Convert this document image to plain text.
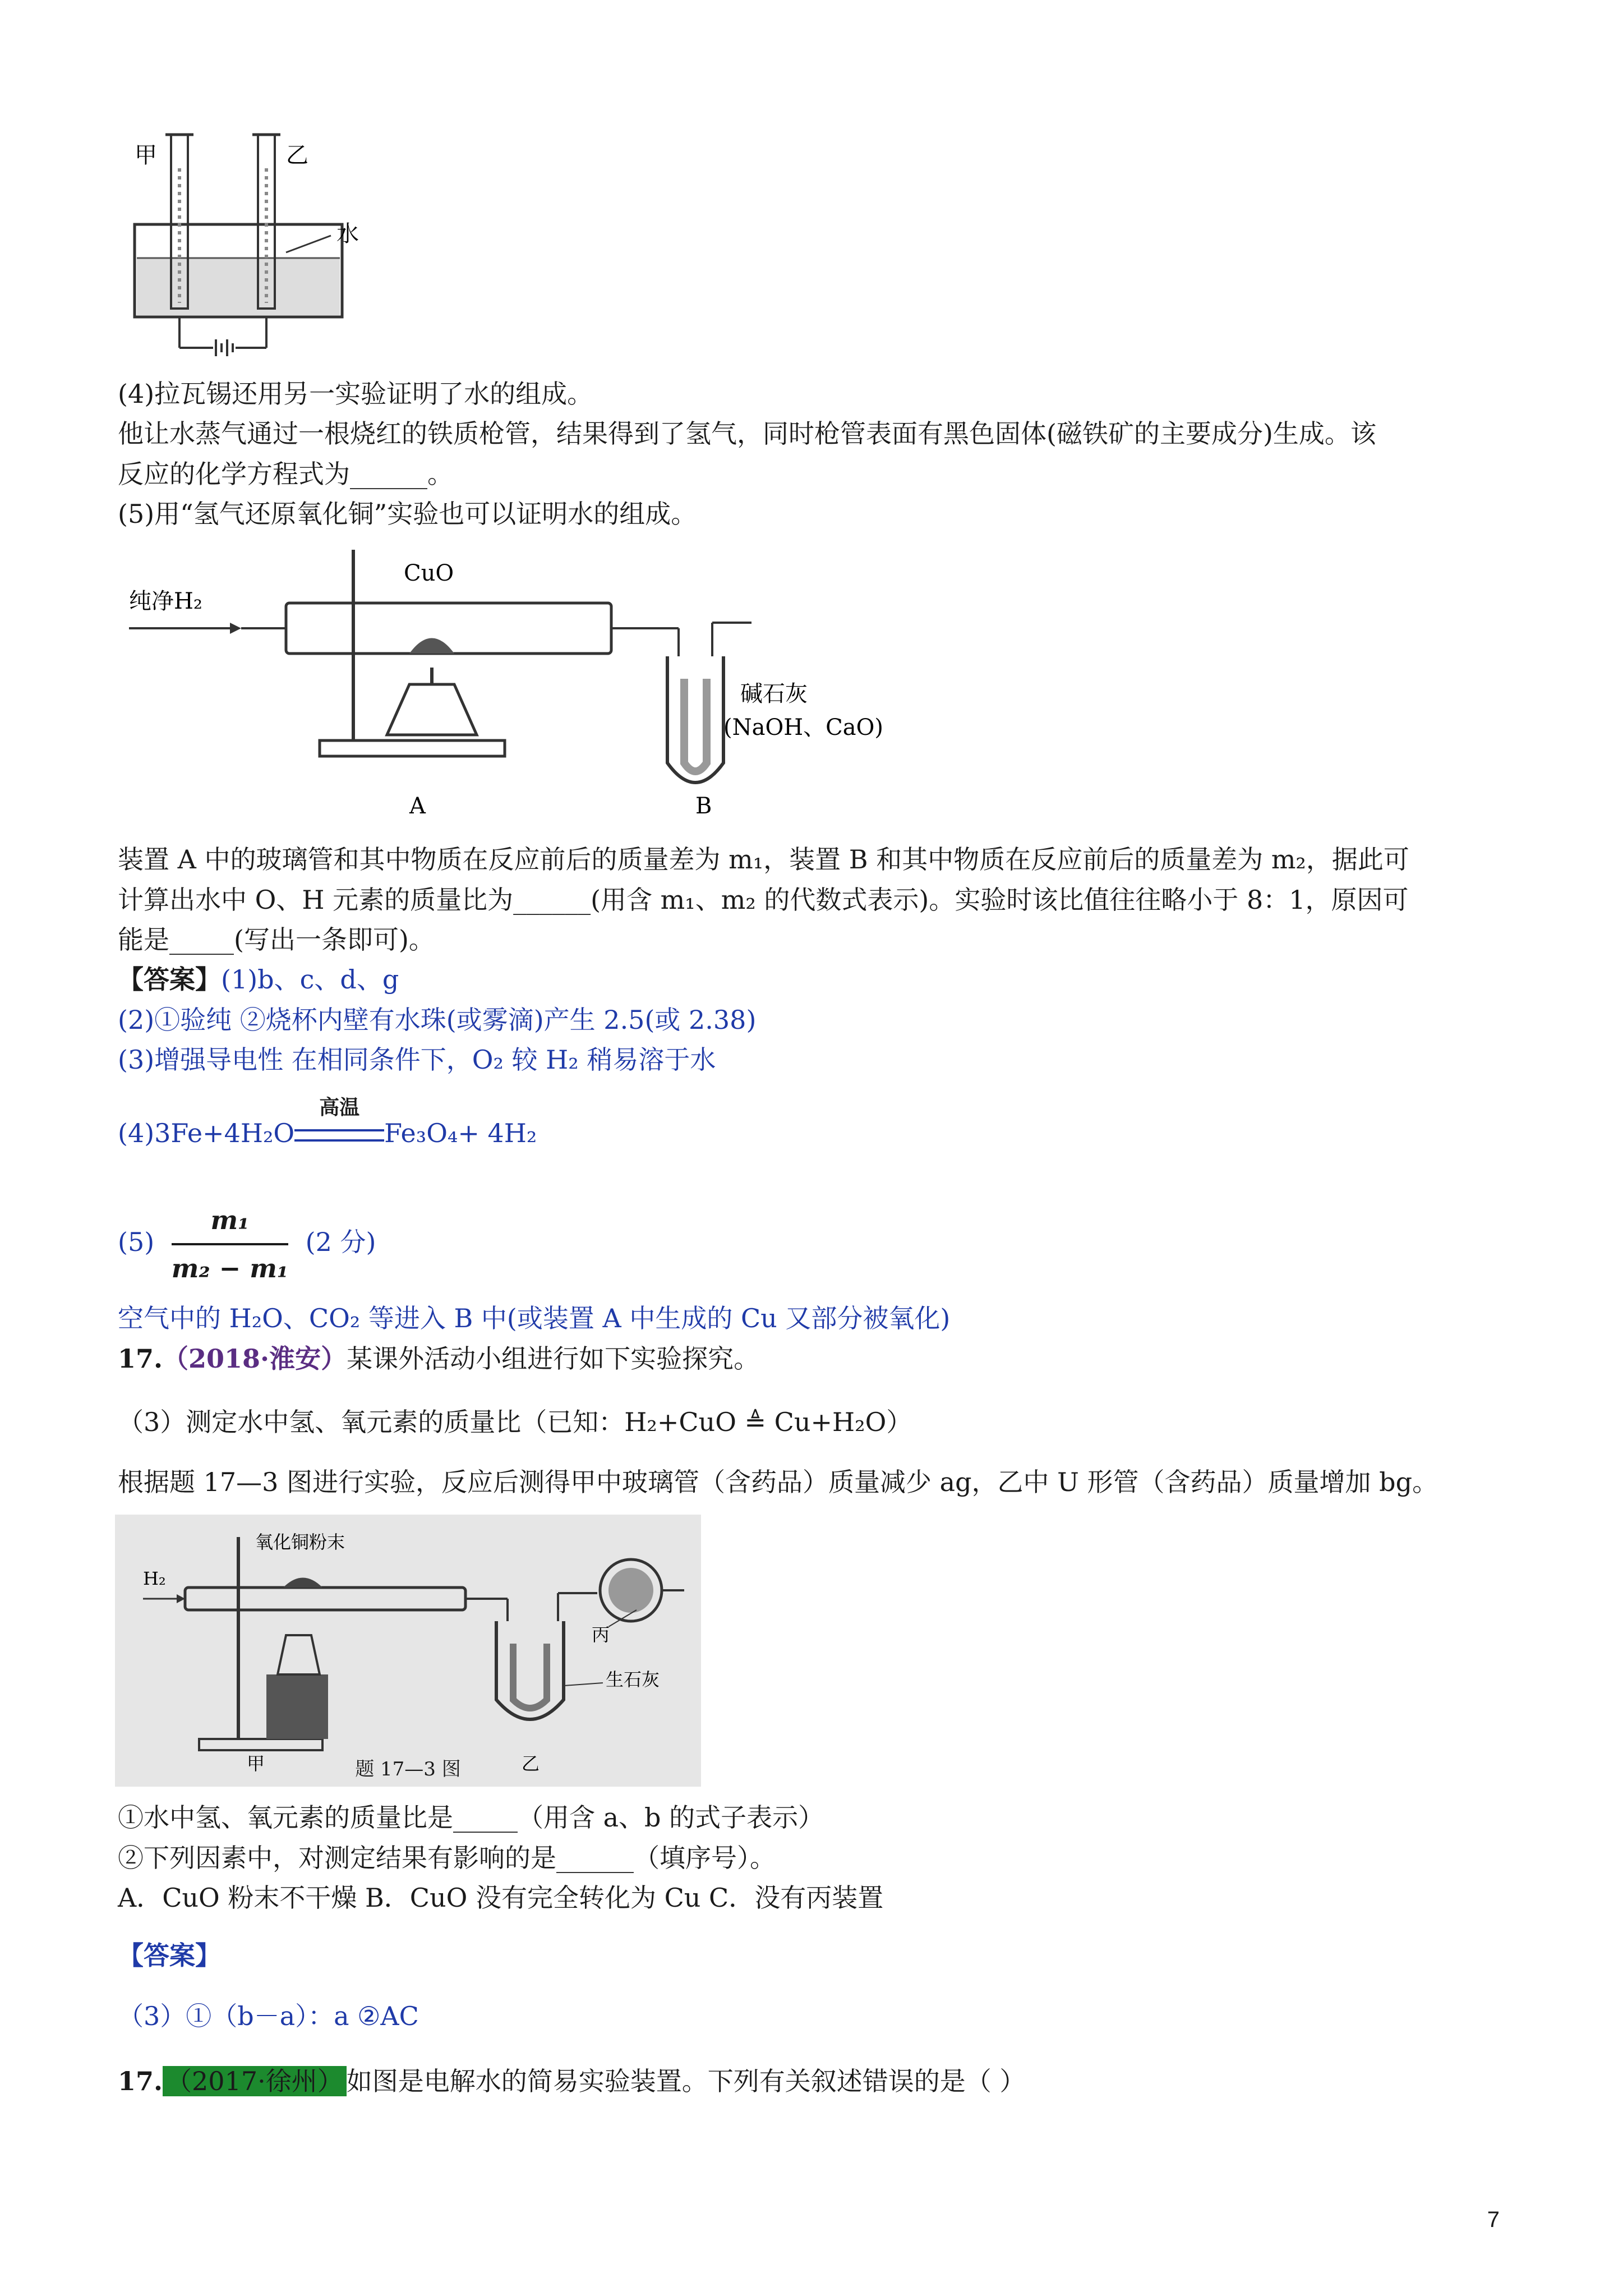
甲	乙
水
(4)拉瓦锡还用另一实验证明了水的组成。
他让水蒸气通过一根烧红的铁质枪管，结果得到了氢气，同时枪管表面有黑色固体(磁铁矿的主要成分)生成。该
反应的化学方程式为______。
(5)用“氢气还原氧化铜”实验也可以证明水的组成。
纯净H₂
CuO
碱石灰
(NaOH、CaO)
A	B
装置 A 中的玻璃管和其中物质在反应前后的质量差为 m₁，装置 B 和其中物质在反应前后的质量差为 m₂，据此可
计算出水中 O、H 元素的质量比为______(用含 m₁、m₂ 的代数式表示)。实验时该比值往往略小于 8：1，原因可
能是_____(写出一条即可)。
【答案】(1)b、c、d、g
(2)①验纯 ②烧杯内壁有水珠(或雾滴)产生 2.5(或 2.38)
(3)增强导电性 在相同条件下，O₂ 较 H₂ 稍易溶于水
(4)3Fe+4H₂O
高温
Fe₃O₄+ 4H₂
$(5) \frac{\text{m₁}}{\text{m₂ − m₁}} (2$ 分)
空气中的 H₂O、CO₂ 等进入 B 中(或装置 A 中生成的 Cu 又部分被氧化)
17.（2018·淮安）某课外活动小组进行如下实验探究。
（3）测定水中氢、氧元素的质量比（已知：H₂+CuO ≜ Cu+H₂O）
根据题 17—3 图进行实验，反应后测得甲中玻璃管（含药品）质量减少 ag，乙中 U 形管（含药品）质量增加 bg。
H₂
氧化铜粉末
丙
生石灰
甲	乙
题 17—3 图
①水中氢、氧元素的质量比是_____（用含 a、b 的式子表示）
②下列因素中，对测定结果有影响的是______（填序号）。
A．CuO 粉末不干燥 B．CuO 没有完全转化为 Cu C．没有丙装置
【答案】
（3）①（b－a）：a ②AC
17. （2017·徐州） 如图是电解水的简易实验装置。下列有关叙述错误的是（ ）
7
